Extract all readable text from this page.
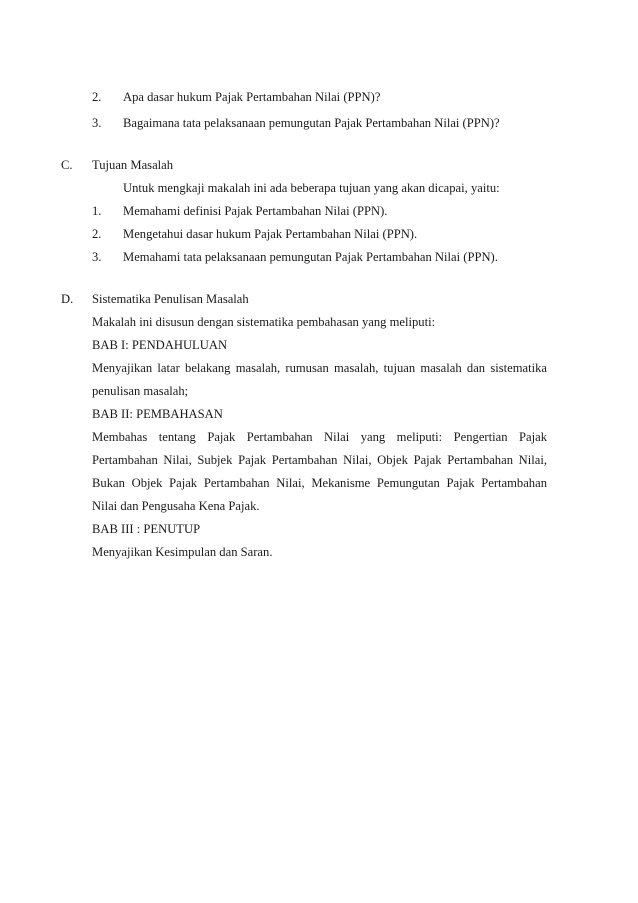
2. Apa dasar hukum Pajak Pertambahan Nilai (PPN)?
3. Bagaimana tata pelaksanaan pemungutan Pajak Pertambahan Nilai (PPN)?
C. Tujuan Masalah
Untuk mengkaji makalah ini ada beberapa tujuan yang akan dicapai, yaitu:
1. Memahami definisi Pajak Pertambahan Nilai (PPN).
2. Mengetahui dasar hukum Pajak Pertambahan Nilai (PPN).
3. Memahami tata pelaksanaan pemungutan Pajak Pertambahan Nilai (PPN).
D. Sistematika Penulisan Masalah
Makalah ini disusun dengan sistematika pembahasan yang meliputi:
BAB I: PENDAHULUAN
Menyajikan latar belakang masalah, rumusan masalah, tujuan masalah dan sistematika
penulisan masalah;
BAB II: PEMBAHASAN
Membahas tentang Pajak Pertambahan Nilai yang meliputi: Pengertian Pajak
Pertambahan Nilai, Subjek Pajak Pertambahan Nilai, Objek Pajak Pertambahan Nilai,
Bukan Objek Pajak Pertambahan Nilai, Mekanisme Pemungutan Pajak Pertambahan
Nilai dan Pengusaha Kena Pajak.
BAB III : PENUTUP
Menyajikan Kesimpulan dan Saran.
